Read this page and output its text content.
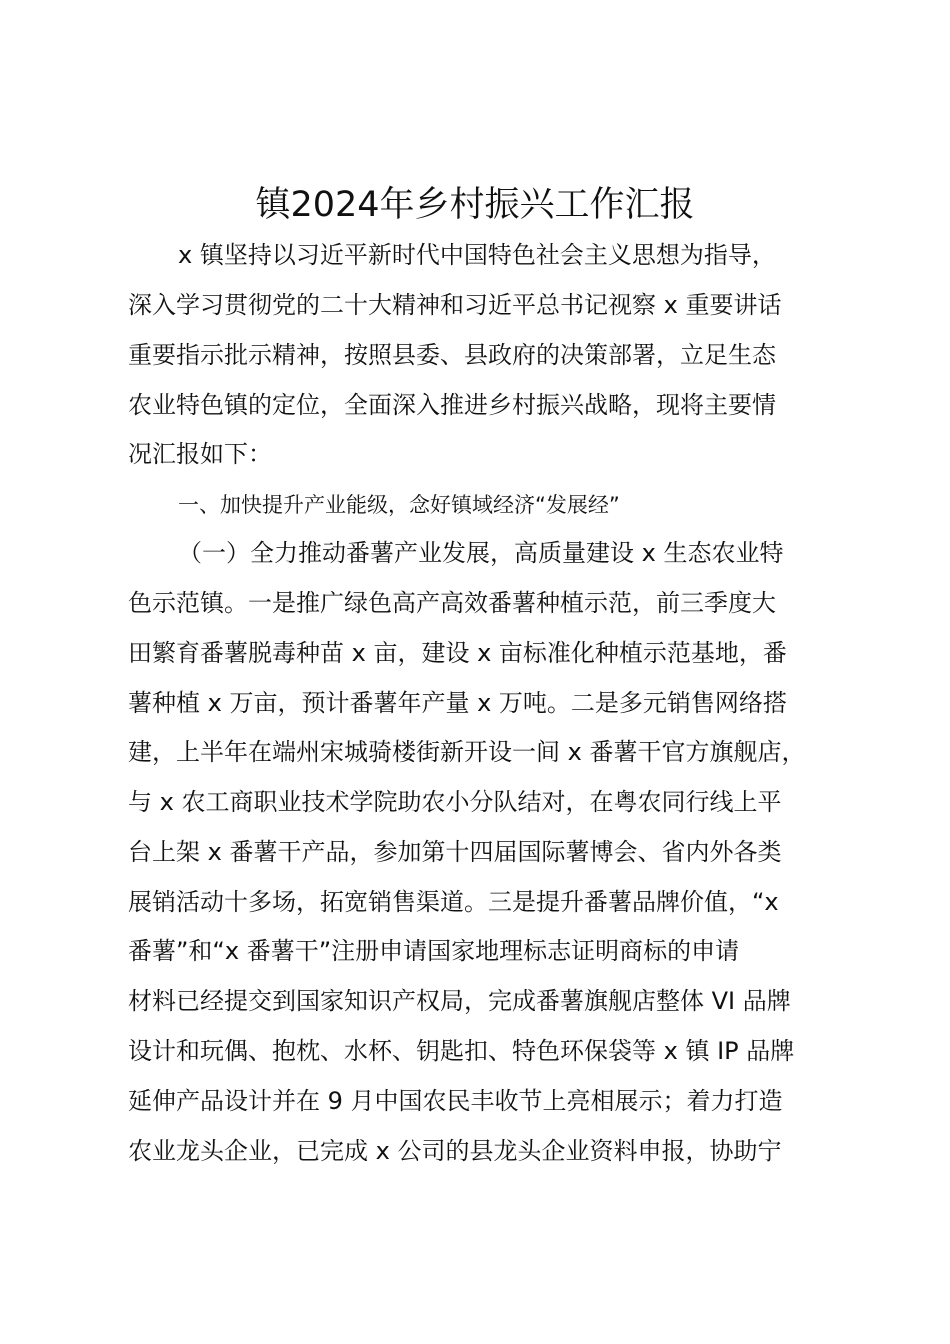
镇2024年乡村振兴工作汇报
x 镇坚持以习近平新时代中国特色社会主义思想为指导，
深入学习贯彻党的二十大精神和习近平总书记视察 x 重要讲话
重要指示批示精神，按照县委、县政府的决策部署，立足生态
农业特色镇的定位，全面深入推进乡村振兴战略，现将主要情
况汇报如下：
一、加快提升产业能级，念好镇域经济“发展经”
（一）全力推动番薯产业发展，高质量建设 x 生态农业特
色示范镇。一是推广绿色高产高效番薯种植示范，前三季度大
田繁育番薯脱毒种苗 x 亩，建设 x 亩标准化种植示范基地，番
薯种植 x 万亩，预计番薯年产量 x 万吨。二是多元销售网络搭
建，上半年在端州宋城骑楼街新开设一间 x 番薯干官方旗舰店，
与 x 农工商职业技术学院助农小分队结对，在粤农同行线上平
台上架 x 番薯干产品，参加第十四届国际薯博会、省内外各类
展销活动十多场，拓宽销售渠道。三是提升番薯品牌价值，“x
番薯”和“x 番薯干”注册申请国家地理标志证明商标的申请
材料已经提交到国家知识产权局，完成番薯旗舰店整体 VI 品牌
设计和玩偶、抱枕、水杯、钥匙扣、特色环保袋等 x 镇 IP 品牌
延伸产品设计并在 9 月中国农民丰收节上亮相展示；着力打造
农业龙头企业，已完成 x 公司的县龙头企业资料申报，协助宁
